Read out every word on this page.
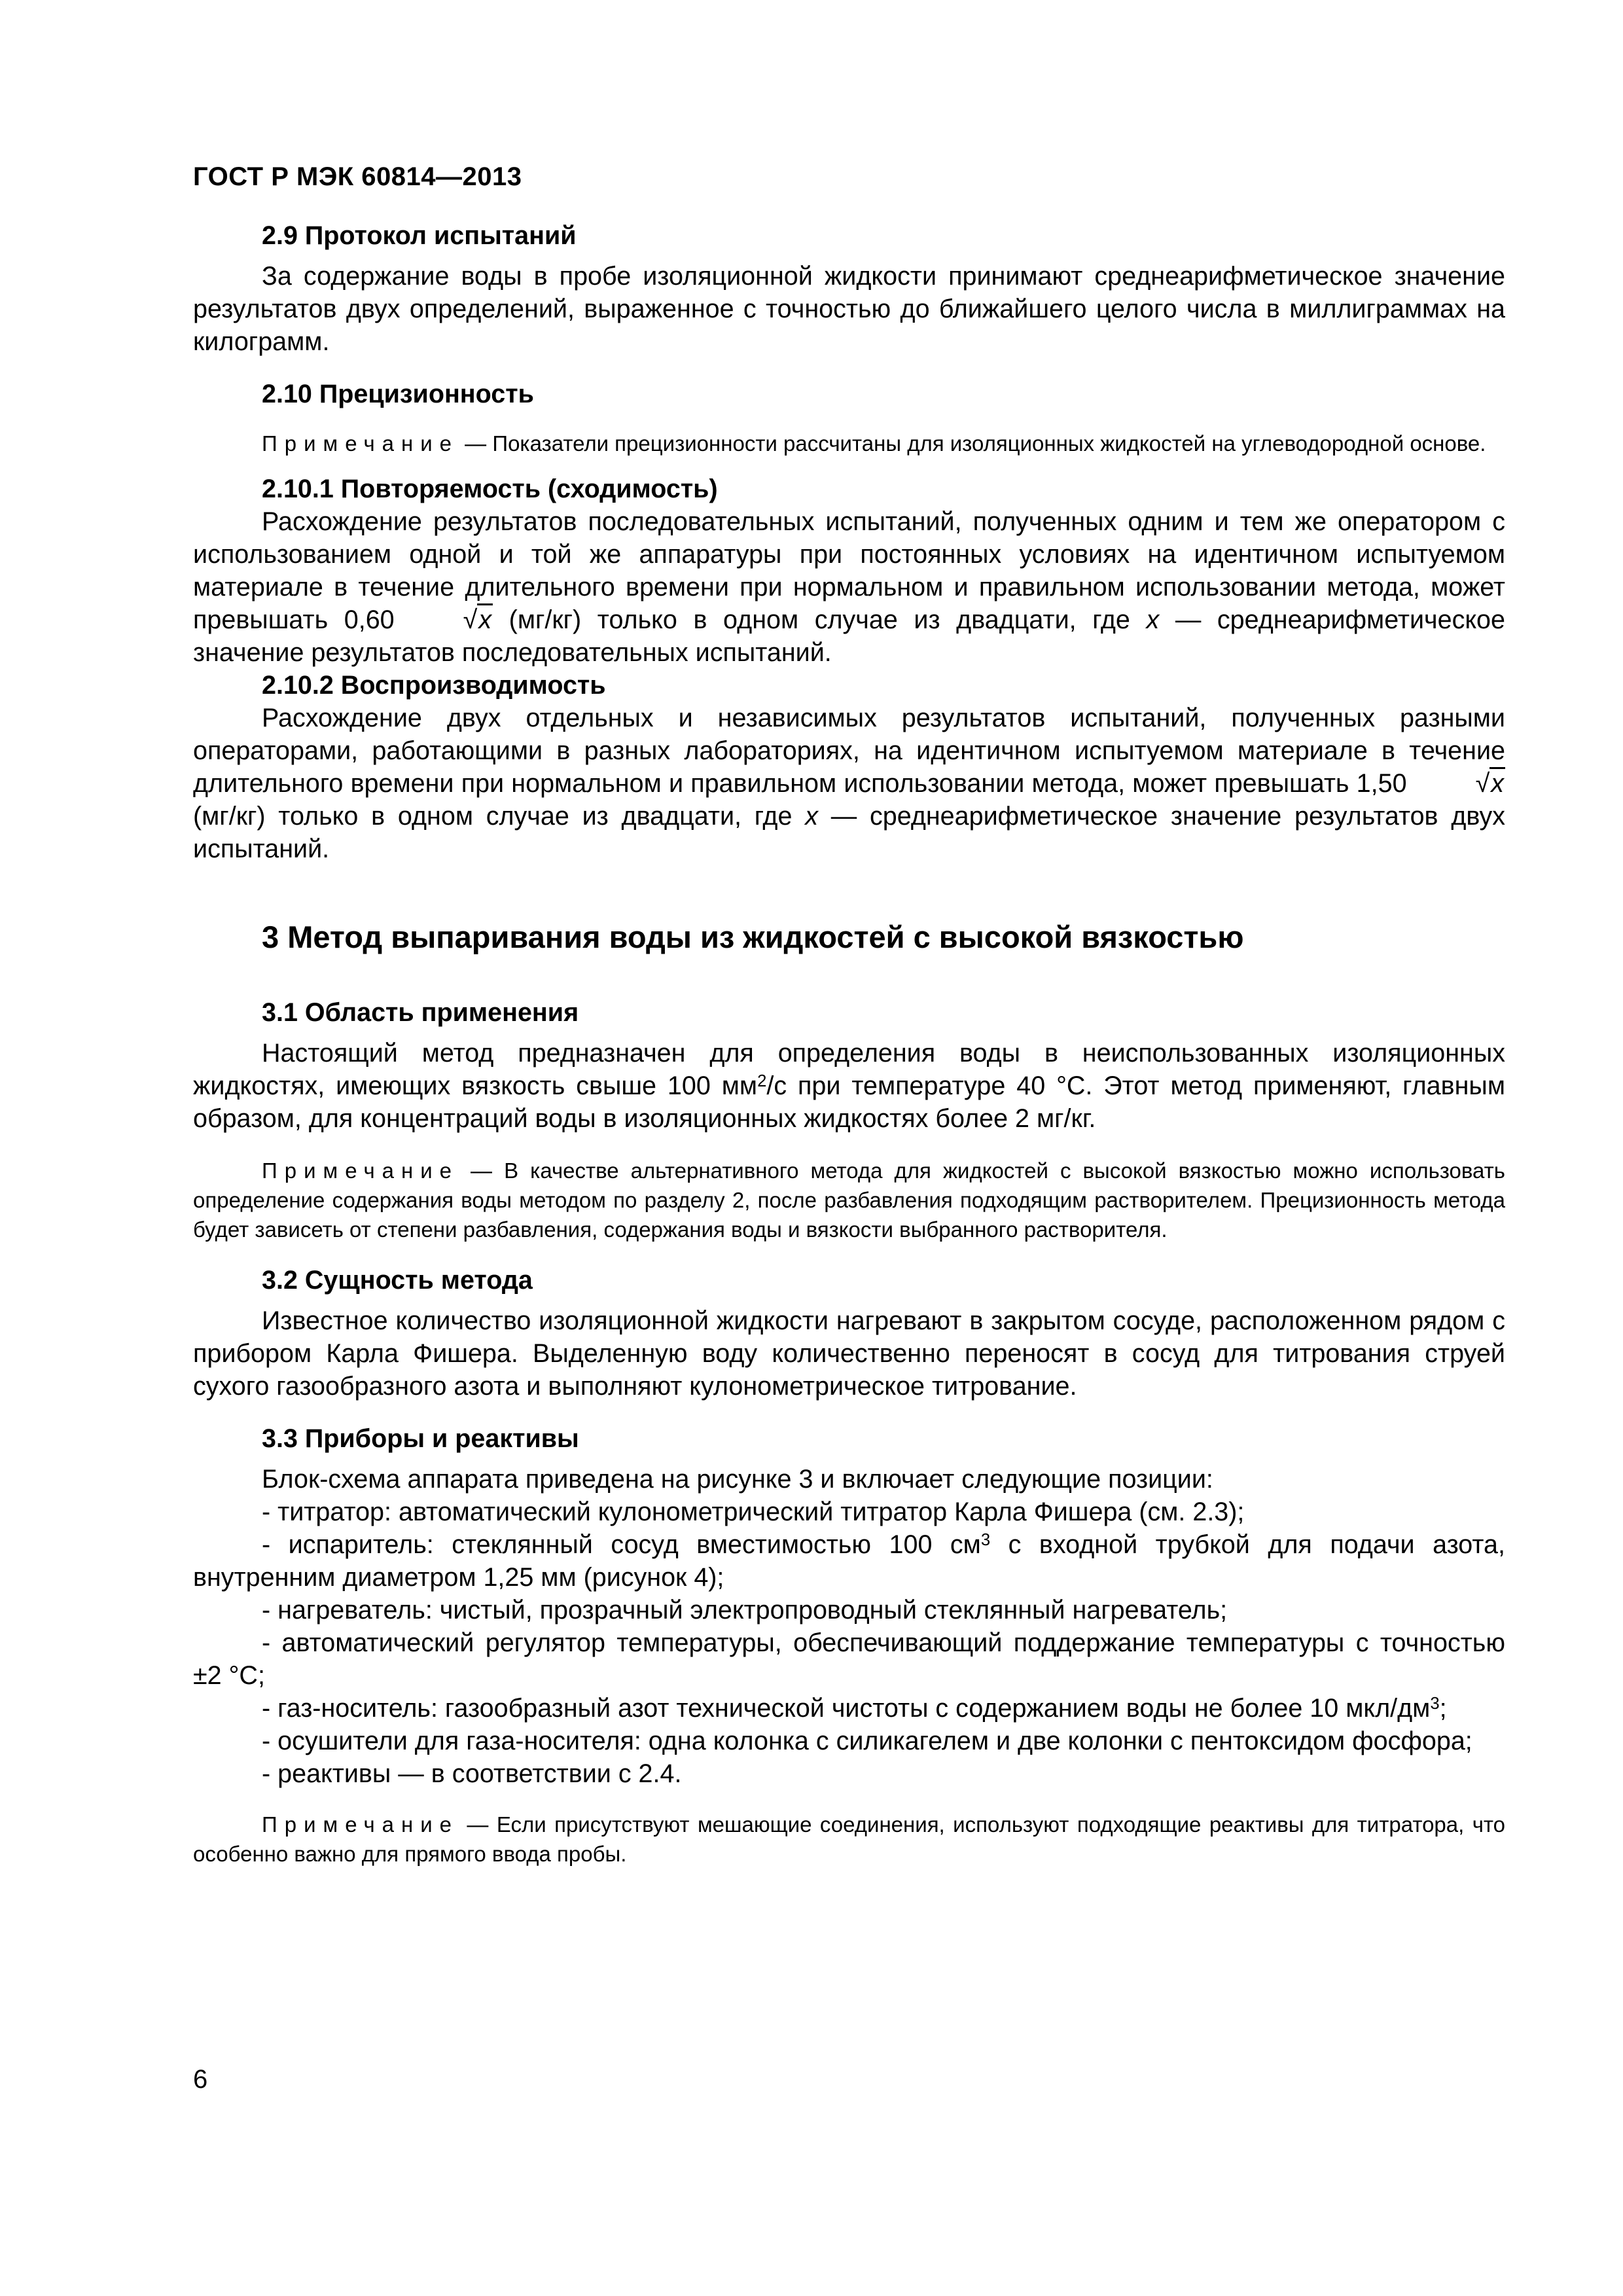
ГОСТ Р МЭК 60814—2013
2.9 Протокол испытаний

За содержание воды в пробе изоляционной жидкости принимают среднеарифметическое значение результатов двух определений, выраженное с точностью до ближайшего целого числа в миллиграммах на килограмм.

2.10 Прецизионность
Примечание — Показатели прецизионности рассчитаны для изоляционных жидкостей на углеводородной основе.
2.10.1 Повторяемость (сходимость)

Расхождение результатов последовательных испытаний, полученных одним и тем же оператором с использованием одной и той же аппаратуры при постоянных условиях на идентичном испытуемом материале в течение длительного времени при нормальном и правильном использовании метода, может превышать 0,60	√x (мг/кг) только в одном случае из двадцати, где x — среднеарифметическое значение результатов последовательных испытаний.

2.10.2 Воспроизводимость

Расхождение двух отдельных и независимых результатов испытаний, полученных разными операторами, работающими в разных лабораториях, на идентичном испытуемом материале в течение длительного времени при нормальном и правильном использовании метода, может превышать 1,50	√x (мг/кг) только в одном случае из двадцати, где x — среднеарифметическое значение результатов двух испытаний.

3 Метод выпаривания воды из жидкостей с высокой вязкостью
3.1 Область применения

Настоящий метод предназначен для определения воды в неиспользованных изоляционных жидкостях, имеющих вязкость свыше 100 $мм^2/с$ при температуре 40 °С. Этот метод применяют, главным образом, для концентраций воды в изоляционных жидкостях более 2 мг/кг.

Примечание — В качестве альтернативного метода для жидкостей с высокой вязкостью можно использовать определение содержания воды методом по разделу 2, после разбавления подходящим растворителем. Прецизионность метода будет зависеть от степени разбавления, содержания воды и вязкости выбранного растворителя.
3.2 Сущность метода

Известное количество изоляционной жидкости нагревают в закрытом сосуде, расположенном рядом с прибором Карла Фишера. Выделенную воду количественно переносят в сосуд для титрования струей сухого газообразного азота и выполняют кулонометрическое титрование.

3.3 Приборы и реактивы

Блок-схема аппарата приведена на рисунке 3 и включает следующие позиции:

- титратор: автоматический кулонометрический титратор Карла Фишера (см. 2.3);

- испаритель: стеклянный сосуд вместимостью 100 $см^3$ с входной трубкой для подачи азота, внутренним диаметром 1,25 мм (рисунок 4);

- нагреватель: чистый, прозрачный электропроводный стеклянный нагреватель;

- автоматический регулятор температуры, обеспечивающий поддержание температуры с точностью ±2 °С;

- газ-носитель: газообразный азот технической чистоты с содержанием воды не более 10 мкл/$дм^3$;

- осушители для газа-носителя: одна колонка с силикагелем и две колонки с пентоксидом фосфора;

- реактивы — в соответствии с 2.4.

Примечание — Если присутствуют мешающие соединения, используют подходящие реактивы для титратора, что особенно важно для прямого ввода пробы.
6
